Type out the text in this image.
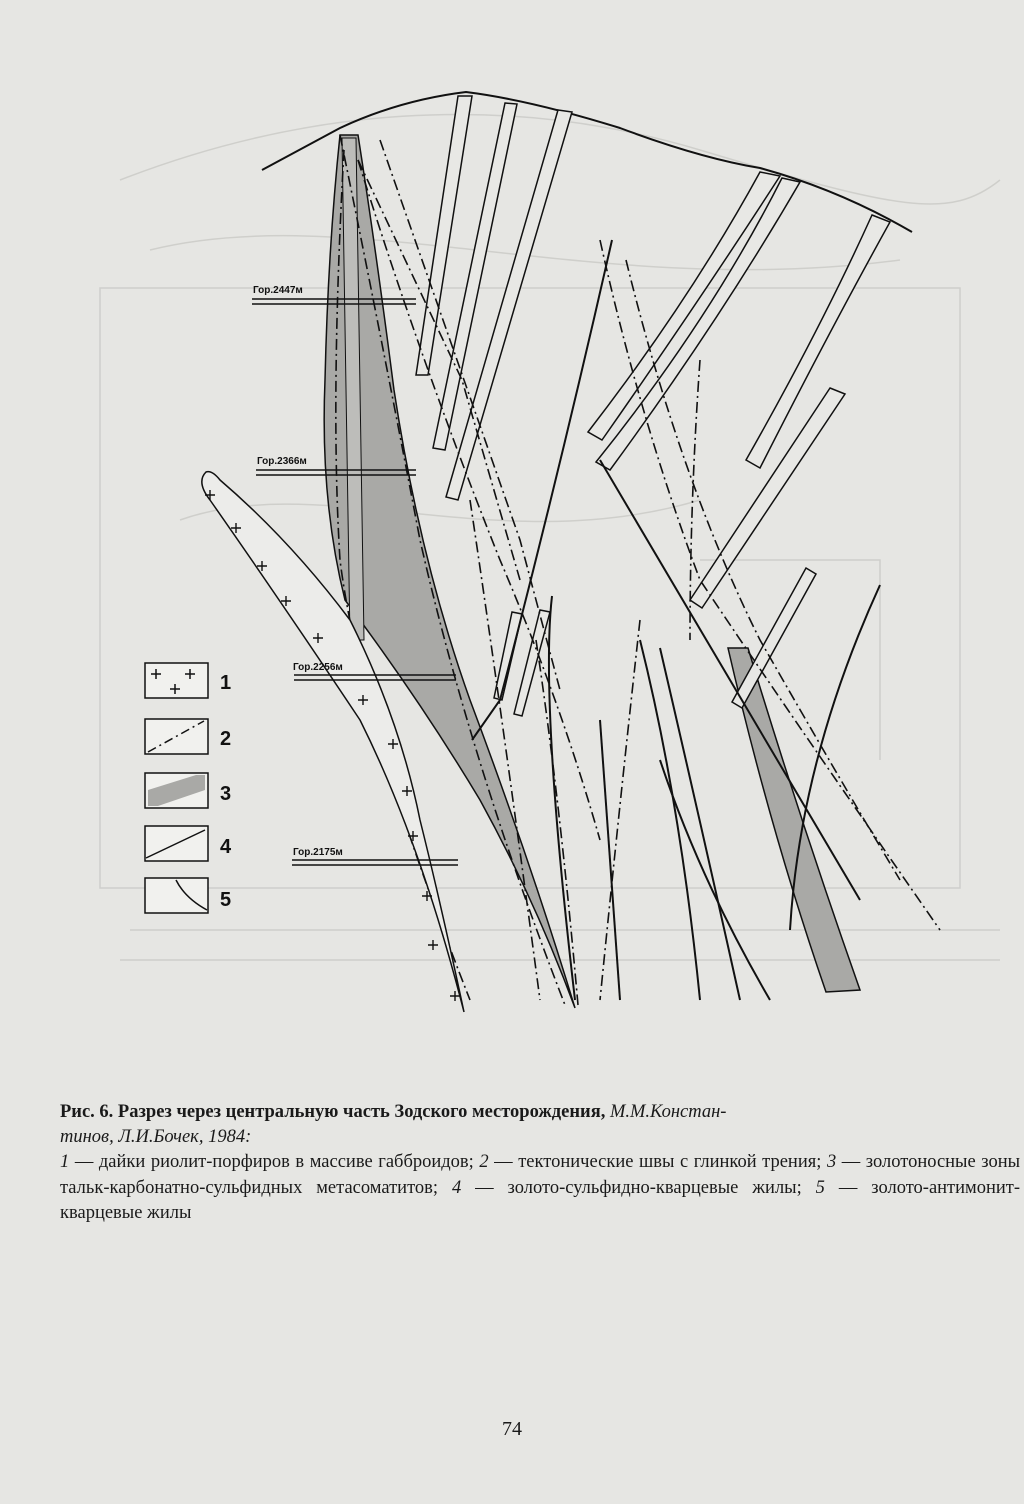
Гор.2447м
Гор.2366м
Гор.2256м
Гор.2175м
1
2
3
4
5
Рис. 6. Разрез через центральную часть Зодского месторождения, М.М.Констан-
тинов, Л.И.Бочек, 1984:
1 — дайки риолит-порфиров в массиве габброидов; 2 — тектонические швы с глинкой трения; 3 — золотоносные зоны тальк-карбонатно-сульфидных метасоматитов; 4 — золото-сульфидно-кварцевые жилы; 5 — золото-антимонит-кварцевые жилы
74
